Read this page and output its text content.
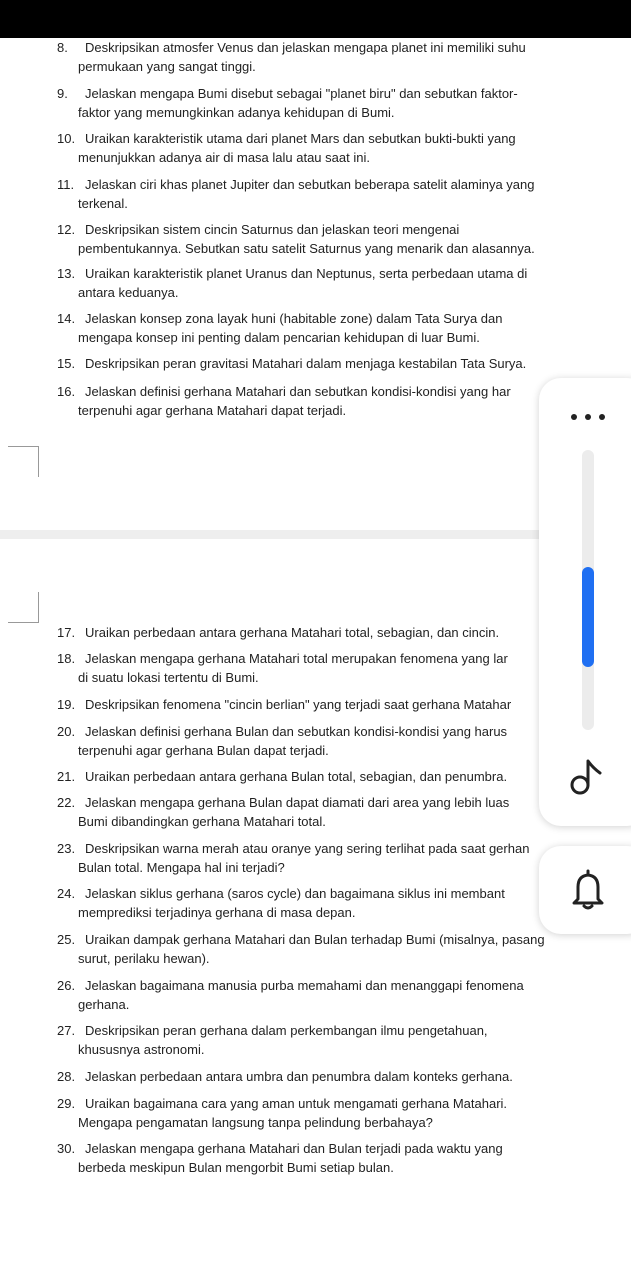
8. Deskripsikan atmosfer Venus dan jelaskan mengapa planet ini memiliki suhu
permukaan yang sangat tinggi.
9. Jelaskan mengapa Bumi disebut sebagai "planet biru" dan sebutkan faktor-
faktor yang memungkinkan adanya kehidupan di Bumi.
10. Uraikan karakteristik utama dari planet Mars dan sebutkan bukti-bukti yang
menunjukkan adanya air di masa lalu atau saat ini.
11. Jelaskan ciri khas planet Jupiter dan sebutkan beberapa satelit alaminya yang
terkenal.
12. Deskripsikan sistem cincin Saturnus dan jelaskan teori mengenai
pembentukannya. Sebutkan satu satelit Saturnus yang menarik dan alasannya.
13. Uraikan karakteristik planet Uranus dan Neptunus, serta perbedaan utama di
antara keduanya.
14. Jelaskan konsep zona layak huni (habitable zone) dalam Tata Surya dan
mengapa konsep ini penting dalam pencarian kehidupan di luar Bumi.
15. Deskripsikan peran gravitasi Matahari dalam menjaga kestabilan Tata Surya.
16. Jelaskan definisi gerhana Matahari dan sebutkan kondisi-kondisi yang har
terpenuhi agar gerhana Matahari dapat terjadi.
17. Uraikan perbedaan antara gerhana Matahari total, sebagian, dan cincin.
18. Jelaskan mengapa gerhana Matahari total merupakan fenomena yang lar
di suatu lokasi tertentu di Bumi.
19. Deskripsikan fenomena "cincin berlian" yang terjadi saat gerhana Matahar
20. Jelaskan definisi gerhana Bulan dan sebutkan kondisi-kondisi yang harus
terpenuhi agar gerhana Bulan dapat terjadi.
21. Uraikan perbedaan antara gerhana Bulan total, sebagian, dan penumbra.
22. Jelaskan mengapa gerhana Bulan dapat diamati dari area yang lebih luas
Bumi dibandingkan gerhana Matahari total.
23. Deskripsikan warna merah atau oranye yang sering terlihat pada saat gerhan
Bulan total. Mengapa hal ini terjadi?
24. Jelaskan siklus gerhana (saros cycle) dan bagaimana siklus ini membant
memprediksi terjadinya gerhana di masa depan.
25. Uraikan dampak gerhana Matahari dan Bulan terhadap Bumi (misalnya, pasang
surut, perilaku hewan).
26. Jelaskan bagaimana manusia purba memahami dan menanggapi fenomena
gerhana.
27. Deskripsikan peran gerhana dalam perkembangan ilmu pengetahuan,
khususnya astronomi.
28. Jelaskan perbedaan antara umbra dan penumbra dalam konteks gerhana.
29. Uraikan bagaimana cara yang aman untuk mengamati gerhana Matahari.
Mengapa pengamatan langsung tanpa pelindung berbahaya?
30. Jelaskan mengapa gerhana Matahari dan Bulan terjadi pada waktu yang
berbeda meskipun Bulan mengorbit Bumi setiap bulan.
